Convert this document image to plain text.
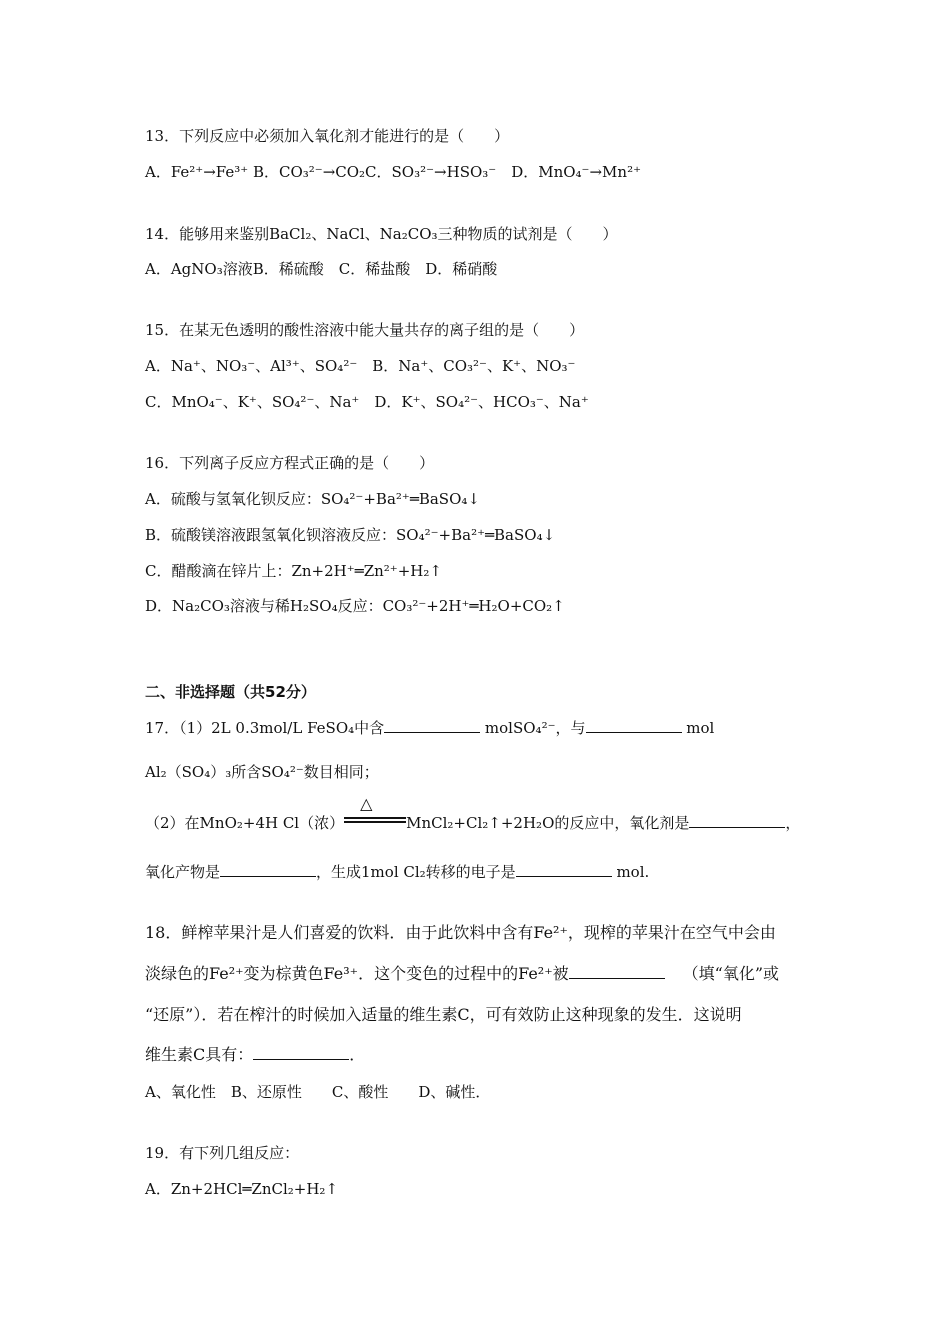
13．下列反应中必须加入氧化剂才能进行的是（　　）
A．Fe²⁺→Fe³⁺ B．CO₃²⁻→CO₂C．SO₃²⁻→HSO₃⁻　D．MnO₄⁻→Mn²⁺
14．能够用来鉴别BaCl₂、NaCl、Na₂CO₃三种物质的试剂是（　　）
A．AgNO₃溶液B．稀硫酸　C．稀盐酸　D．稀硝酸
15．在某无色透明的酸性溶液中能大量共存的离子组的是（　　）
A．Na⁺、NO₃⁻、Al³⁺、SO₄²⁻　B．Na⁺、CO₃²⁻、K⁺、NO₃⁻
C．MnO₄⁻、K⁺、SO₄²⁻、Na⁺　D．K⁺、SO₄²⁻、HCO₃⁻、Na⁺
16．下列离子反应方程式正确的是（　　）
A．硫酸与氢氧化钡反应：SO₄²⁻+Ba²⁺═BaSO₄↓
B．硫酸镁溶液跟氢氧化钡溶液反应：SO₄²⁻+Ba²⁺═BaSO₄↓
C．醋酸滴在锌片上：Zn+2H⁺═Zn²⁺+H₂↑
D．Na₂CO₃溶液与稀H₂SO₄反应：CO₃²⁻+2H⁺═H₂O+CO₂↑
二、非选择题（共52分）
17．（1）2L 0.3mol/L FeSO₄中含	molSO₄²⁻，与	mol
Al₂（SO₄）₃所含SO₄²⁻数目相同；
（2）在MnO₂+4H Cl（浓）
△
MnCl₂+Cl₂↑+2H₂O的反应中，氧化剂是	，
氧化产物是	，生成1mol Cl₂转移的电子是	mol.
18．鲜榨苹果汁是人们喜爱的饮料．由于此饮料中含有Fe²⁺，现榨的苹果汁在空气中会由
淡绿色的Fe²⁺变为棕黄色Fe³⁺．这个变色的过程中的Fe²⁺被	（填“氧化”或
“还原”）．若在榨汁的时候加入适量的维生素C，可有效防止这种现象的发生．这说明
维生素C具有：	．
A、氧化性　B、还原性　　C、酸性　　D、碱性．
19．有下列几组反应：
A．Zn+2HCl═ZnCl₂+H₂↑
